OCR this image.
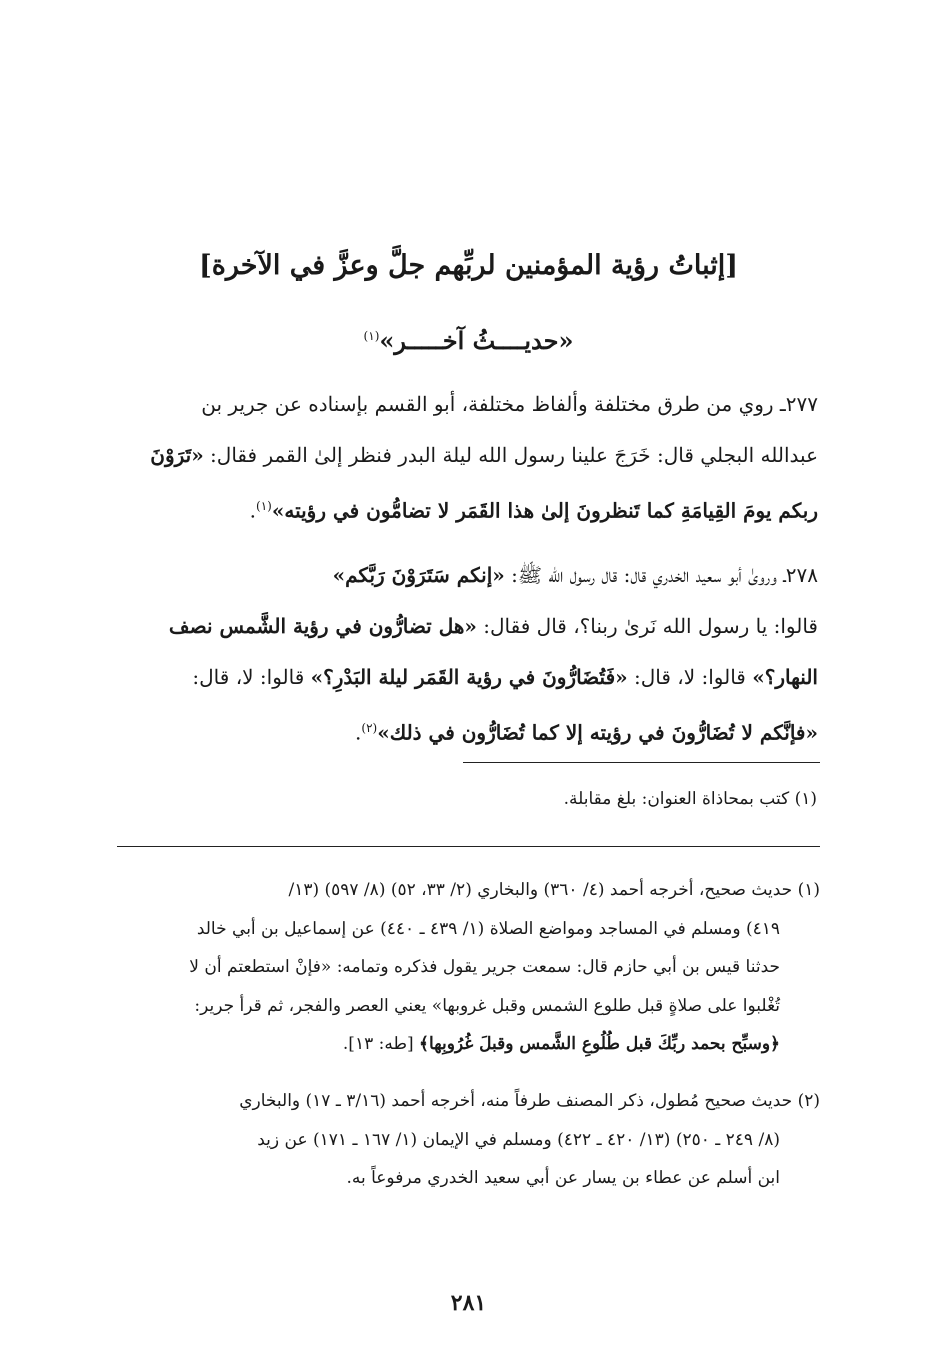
[إثباتُ رؤية المؤمنين لربِّهم جلَّ وعزَّ في الآخرة]
«حديــــثُ آخـــــر»$^{(١)}$
٢٧٧ـ روي من طرق مختلفة وألفاظ مختلفة، أبو القسم بإسناده عن جرير بن
عبدالله البجلي قال: خَرَجَ علينا رسول الله ليلة البدر فنظر إلىٰ القمر فقال: «تَرَوْنَ
ربكم يومَ القِيامَةِ كما تَنظرونَ إلىٰ هذا القَمَر لا تضامُّون في رؤيته»$^{(١)}$.
٢٧٨ـ ورویٰ أبو سعيد الخدري قال: قال رسول الله ﷺ: «إنكم سَتَرَوْنَ رَبَّكم»
قالوا: يا رسول الله نَرىٰ ربنا؟، قال فقال: «هل تضارُّون في رؤية الشَّمس نصف
النهار؟» قالوا: لا، قال: «فَتُضَارُّونَ في رؤية القَمَر ليلة البَدْرِ؟» قالوا: لا، قال:
«فإنَّكم لا تُضَارُّونَ في رؤيته إلا كما تُضَارُّون في ذلك»$^{(٢)}$.
(١) كتب بمحاذاة العنوان: بلغ مقابلة.
(١) حديث صحيح، أخرجه أحمد (٤/ ٣٦٠) والبخاري (٢/ ٣٣، ٥٢) (٨/ ٥٩٧) (١٣/
٤١٩) ومسلم في المساجد ومواضع الصلاة (١/ ٤٣٩ ـ ٤٤٠) عن إسماعيل بن أبي خالد
حدثنا قيس بن أبي حازم قال: سمعت جرير يقول فذكره وتمامه: «فإنْ استطعتم أن لا
تُغْلبوا على صلاةٍ قبل طلوع الشمس وقبل غروبها» يعني العصر والفجر، ثم قرأ جرير:
﴿وسبِّح بحمد ربِّكَ قبل طُلُوعِ الشَّمس وقبلَ غُرُوبِها﴾ [طه: ١٣].
(٢) حديث صحيح مُطول، ذكر المصنف طرفاً منه، أخرجه أحمد (٣/١٦ ـ ١٧) والبخاري
(٨/ ٢٤٩ ـ ٢٥٠) (١٣/ ٤٢٠ ـ ٤٢٢) ومسلم في الإيمان (١/ ١٦٧ ـ ١٧١) عن زيد
ابن أسلم عن عطاء بن يسار عن أبي سعيد الخدري مرفوعاً به.
٢٨١
